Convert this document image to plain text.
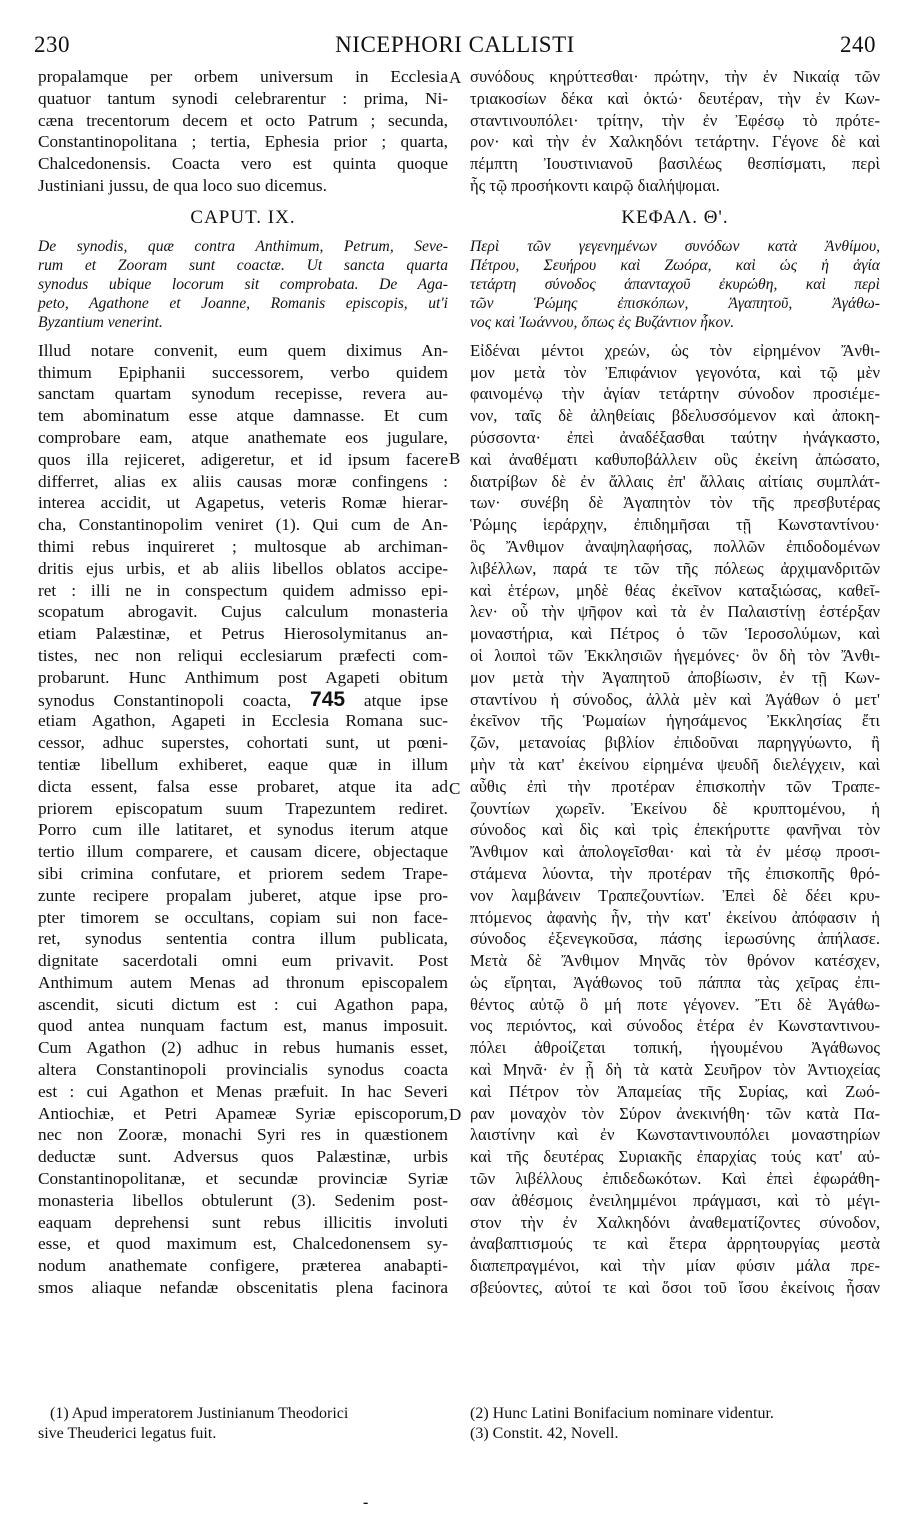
230	NICEPHORI CALLISTI	240
propalamque per orbem universum in Ecclesia
quatuor tantum synodi celebrarentur : prima, Ni-
cæna trecentorum decem et octo Patrum ; secunda,
Constantinopolitana ; tertia, Ephesia prior ; quarta,
Chalcedonensis. Coacta vero est quinta quoque
Justiniani jussu, de qua loco suo dicemus.
CAPUT. IX.
De synodis, quæ contra Anthimum, Petrum, Seve-
rum et Zooram sunt coactæ. Ut sancta quarta
synodus ubique locorum sit comprobata. De Aga-
peto, Agathone et Joanne, Romanis episcopis, ut'i
Byzantium venerint.
Illud notare convenit, eum quem diximus An-
thimum Epiphanii successorem, verbo quidem
sanctam quartam synodum recepisse, revera au-
tem abominatum esse atque damnasse. Et cum
comprobare eam, atque anathemate eos jugulare,
quos illa rejiceret, adigeretur, et id ipsum facere
differret, alias ex aliis causas moræ confingens :
interea accidit, ut Agapetus, veteris Romæ hierar-
cha, Constantinopolim veniret (1). Qui cum de An-
thimi rebus inquireret ; multosque ab archiman-
dritis ejus urbis, et ab aliis libellos oblatos accipe-
ret : illi ne in conspectum quidem admisso epi-
scopatum abrogavit. Cujus calculum monasteria
etiam Palæstinæ, et Petrus Hierosolymitanus an-
tistes, nec non reliqui ecclesiarum præfecti com-
probarunt. Hunc Anthimum post Agapeti obitum
synodus Constantinopoli coacta, 745 atque ipse
etiam Agathon, Agapeti in Ecclesia Romana suc-
cessor, adhuc superstes, cohortati sunt, ut pœni-
tentiæ libellum exhiberet, eaque quæ in illum
dicta essent, falsa esse probaret, atque ita ad
priorem episcopatum suum Trapezuntem rediret.
Porro cum ille latitaret, et synodus iterum atque
tertio illum comparere, et causam dicere, objectaque
sibi crimina confutare, et priorem sedem Trape-
zunte recipere propalam juberet, atque ipse pro-
pter timorem se occultans, copiam sui non face-
ret, synodus sententia contra illum publicata,
dignitate sacerdotali omni eum privavit. Post
Anthimum autem Menas ad thronum episcopalem
ascendit, sicuti dictum est : cui Agathon papa,
quod antea nunquam factum est, manus imposuit.
Cum Agathon (2) adhuc in rebus humanis esset,
altera Constantinopoli provincialis synodus coacta
est : cui Agathon et Menas præfuit. In hac Severi
Antiochiæ, et Petri Apameæ Syriæ episcoporum,
nec non Zooræ, monachi Syri res in quæstionem
deductæ sunt. Adversus quos Palæstinæ, urbis
Constantinopolitanæ, et secundæ provinciæ Syriæ
monasteria libellos obtulerunt (3). Sedenim post-
eaquam deprehensi sunt rebus illicitis involuti
esse, et quod maximum est, Chalcedonensem sy-
nodum anathemate configere, præterea anabapti-
smos aliaque nefandæ obscenitatis plena facinora
A
B
C
D
συνόδους κηρύττεσθαι· πρώτην, τὴν ἐν Νικαίᾳ τῶν
τριακοσίων δέκα καὶ ὀκτώ· δευτέραν, τὴν ἐν Κων-
σταντινουπόλει· τρίτην, τὴν ἐν Ἐφέσῳ τὸ πρότε-
ρον· καὶ τὴν ἐν Χαλκηδόνι τετάρτην. Γέγονε δὲ καὶ
πέμπτη Ἰουστινιανοῦ βασιλέως θεσπίσματι, περὶ
ἧς τῷ προσήκοντι καιρῷ διαλήψομαι.
ΚΕΦΑΛ. Θ'.
Περὶ τῶν γεγενημένων συνόδων κατὰ Ἀνθίμου,
Πέτρου, Σευήρου καὶ Ζωόρα, καὶ ὡς ἡ ἁγία
τετάρτη σύνοδος ἁπανταχοῦ ἐκυρώθη, καὶ περὶ
τῶν Ῥώμης ἐπισκόπων, Ἀγαπητοῦ, Ἀγάθω-
νος καὶ Ἰωάννου, ὅπως ἐς Βυζάντιον ἧκον.
Εἰδέναι μέντοι χρεών, ὡς τὸν εἰρημένον Ἄνθι-
μον μετὰ τὸν Ἐπιφάνιον γεγονότα, καὶ τῷ μὲν
φαινομένῳ τὴν ἁγίαν τετάρτην σύνοδον προσιέμε-
νον, ταῖς δὲ ἀληθείαις βδελυσσόμενον καὶ ἀποκη-
ρύσσοντα· ἐπεὶ ἀναδέξασθαι ταύτην ἠνάγκαστο,
καὶ ἀναθέματι καθυποβάλλειν οὓς ἐκείνη ἀπώσατο,
διατρίβων δὲ ἐν ἄλλαις ἐπ' ἄλλαις αἰτίαις συμπλάτ-
των· συνέβη δὲ Ἀγαπητὸν τὸν τῆς πρεσβυτέρας
Ῥώμης ἱεράρχην, ἐπιδημῆσαι τῇ Κωνσταντίνου·
ὃς Ἄνθιμον ἀναψηλαφήσας, πολλῶν ἐπιδοδομένων
λιβέλλων, παρά τε τῶν τῆς πόλεως ἀρχιμανδριτῶν
καὶ ἑτέρων, μηδὲ θέας ἐκεῖνον καταξιώσας, καθεῖ-
λεν· οὗ τὴν ψῆφον καὶ τὰ ἐν Παλαιστίνῃ ἐστέρξαν
μοναστήρια, καὶ Πέτρος ὁ τῶν Ἱεροσολύμων, καὶ
οἱ λοιποὶ τῶν Ἐκκλησιῶν ἡγεμόνες· ὃν δὴ τὸν Ἄνθι-
μον μετὰ τὴν Ἀγαπητοῦ ἀποβίωσιν, ἐν τῇ Κων-
σταντίνου ἡ σύνοδος, ἀλλὰ μὲν καὶ Ἀγάθων ὁ μετ'
ἐκεῖνον τῆς Ῥωμαίων ἡγησάμενος Ἐκκλησίας ἔτι
ζῶν, μετανοίας βιβλίον ἐπιδοῦναι παρηγγύωντο, ἢ
μὴν τὰ κατ' ἐκείνου εἰρημένα ψευδῆ διελέγχειν, καὶ
αὖθις ἐπὶ τὴν προτέραν ἐπισκοπὴν τῶν Τραπε-
ζουντίων χωρεῖν. Ἐκείνου δὲ κρυπτομένου, ἡ
σύνοδος καὶ δὶς καὶ τρὶς ἐπεκήρυττε φανῆναι τὸν
Ἄνθιμον καὶ ἀπολογεῖσθαι· καὶ τὰ ἐν μέσῳ προσι-
στάμενα λύοντα, τὴν προτέραν τῆς ἐπισκοπῆς θρό-
νον λαμβάνειν Τραπεζουντίων. Ἐπεὶ δὲ δέει κρυ-
πτόμενος ἀφανὴς ἦν, τὴν κατ' ἐκείνου ἀπόφασιν ἡ
σύνοδος ἐξενεγκοῦσα, πάσης ἱερωσύνης ἀπήλασε.
Μετὰ δὲ Ἄνθιμον Μηνᾶς τὸν θρόνον κατέσχεν,
ὡς εἴρηται, Ἀγάθωνος τοῦ πάππα τὰς χεῖρας ἐπι-
θέντος αὐτῷ ὃ μή ποτε γέγονεν. Ἔτι δὲ Ἀγάθω-
νος περιόντος, καὶ σύνοδος ἑτέρα ἐν Κωνσταντινου-
πόλει ἀθροίζεται τοπική, ἡγουμένου Ἀγάθωνος
καὶ Μηνᾶ· ἐν ᾗ δὴ τὰ κατὰ Σευῆρον τὸν Ἀντιοχείας
καὶ Πέτρον τὸν Ἀπαμείας τῆς Συρίας, καὶ Ζωό-
ραν μοναχὸν τὸν Σύρον ἀνεκινήθη· τῶν κατὰ Πα-
λαιστίνην καὶ ἐν Κωνσταντινουπόλει μοναστηρίων
καὶ τῆς δευτέρας Συριακῆς ἐπαρχίας τούς κατ' αὐ-
τῶν λιβέλλους ἐπιδεδωκότων. Καὶ ἐπεὶ ἐφωράθη-
σαν ἀθέσμοις ἐνειλημμένοι πράγμασι, καὶ τὸ μέγι-
στον τὴν ἐν Χαλκηδόνι ἀναθεματίζοντες σύνοδον,
ἀναβαπτισμούς τε καὶ ἕτερα ἀρρητουργίας μεστὰ
διαπεπραγμένοι, καὶ τὴν μίαν φύσιν μάλα πρε-
σβεύοντες, αὐτοί τε καὶ ὅσοι τοῦ ἴσου ἐκείνοις ἦσαν
(1) Apud imperatorem Justinianum Theodorici
sive Theuderici legatus fuit.
(2) Hunc Latini Bonifacium nominare videntur.
(3) Constit. 42, Novell.
-
